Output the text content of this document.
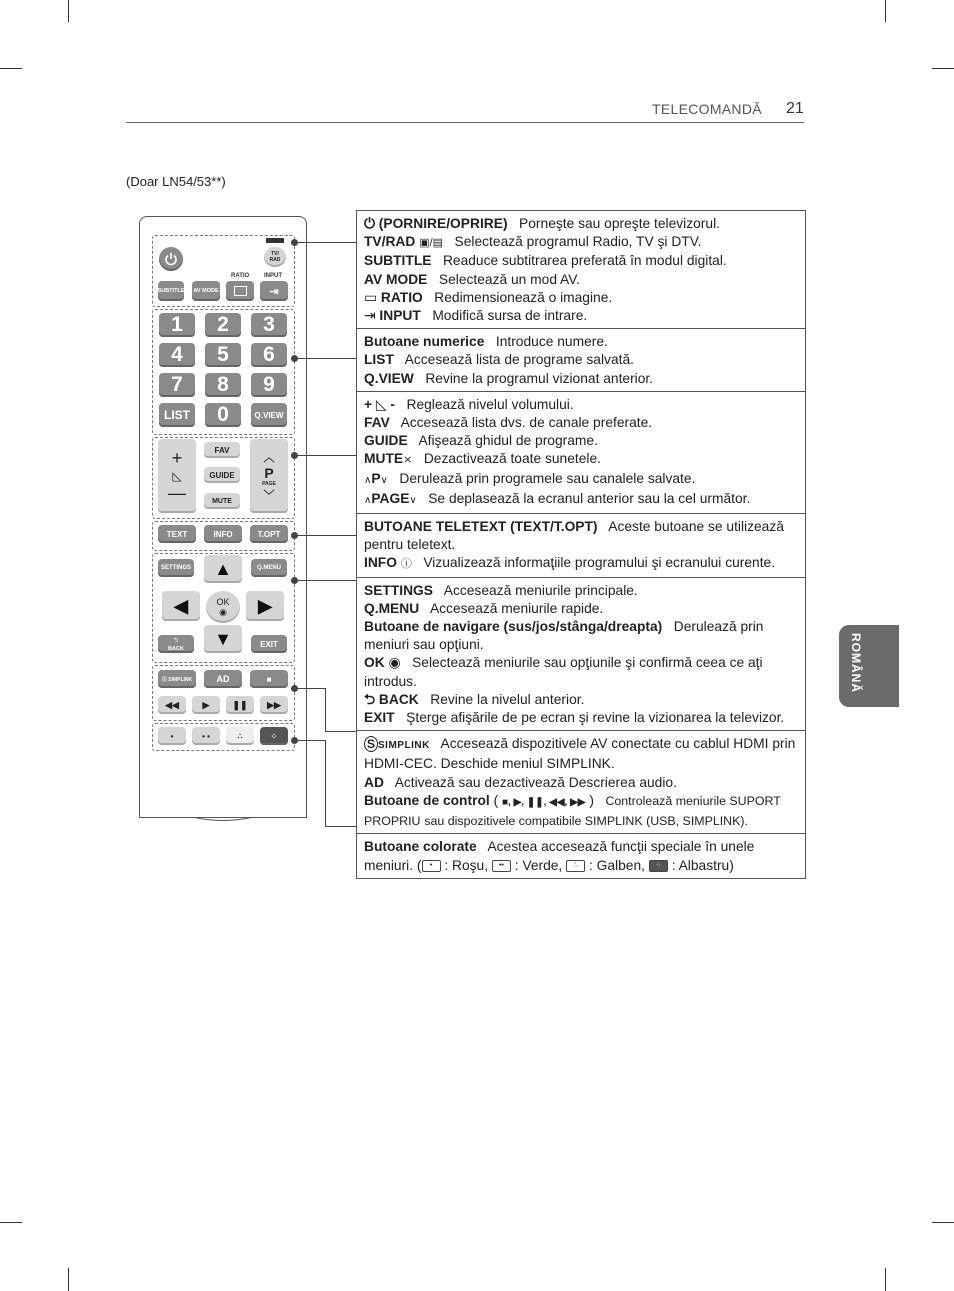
TELECOMANDĂ 21
(Doar LN54/53**)
ROMÂNĂ
TV/
RAD
RATIO INPUT
SUBTITLE AV MODE	⇥
1	2	3
4	5	6
7	8	9
LIST	0	Q.VIEW
+
◺
—
FAV
GUIDE
MUTE
︿
P
PAGE
﹀
TEXT	INFO	T.OPT
SETTINGS	Q.MENU
▲
◀	OK
◉ ▶
▼
⮌
BACK	EXIT
Ⓢ SIMPLINK	AD	■
◀◀	▶	❚❚ ▶▶
•	• •	∴	⁘
⏻ (PORNIRE/OPRIRE) Porneşte sau opreşte televizorul.
TV/RAD ▣/▤ Selectează programul Radio, TV şi DTV.
SUBTITLE Readuce subtitrarea preferată în modul digital.
AV MODE Selectează un mod AV.
▭ RATIO Redimensionează o imagine.
⇥ INPUT Modifică sursa de intrare.
Butoane numerice Introduce numere.
LIST Accesează lista de programe salvată.
Q.VIEW Revine la programul vizionat anterior.
+ ◺ - Reglează nivelul volumului.
FAV Accesează lista dvs. de canale preferate.
GUIDE Afişează ghidul de programe.
MUTE⨯ Dezactivează toate sunetele.
∧P∨ Derulează prin programele sau canalele salvate.
∧PAGE∨ Se deplasează la ecranul anterior sau la cel următor.
BUTOANE TELETEXT (TEXT/T.OPT) Aceste butoane se utilizează pentru teletext.
INFO ⓘ Vizualizează informaţiile programului şi ecranului curente.
SETTINGS Accesează meniurile principale.
Q.MENU Accesează meniurile rapide.
Butoane de navigare (sus/jos/stânga/dreapta) Derulează prin meniuri sau opţiuni.
OK ◉ Selectează meniurile sau opţiunile şi confirmă ceea ce aţi introdus.
⮌ BACK Revine la nivelul anterior.
EXIT Şterge afişările de pe ecran şi revine la vizionarea la televizor.
S SIMPLINK Accesează dispozitivele AV conectate cu cablul HDMI prin HDMI-CEC. Deschide meniul SIMPLINK.
AD Activează sau dezactivează Descrierea audio.
Butoane de control ( ■, ▶, ❚❚, ◀◀, ▶▶ ) Controlează meniurile SUPORT PROPRIU sau dispozitivele compatibile SIMPLINK (USB, SIMPLINK).
Butoane colorate Acestea accesează funcţii speciale în unele meniuri. ( • : Roşu, •• : Verde, ∴ : Galben, ⁘ : Albastru)
